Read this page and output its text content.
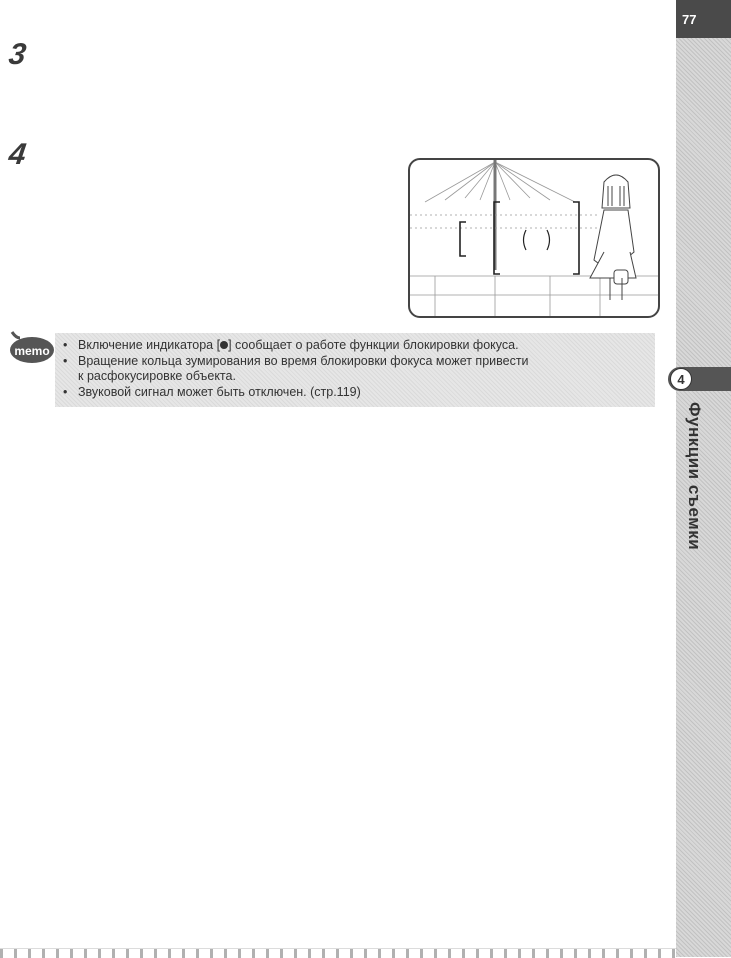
3
4
memo
•	Включение индикатора [ ] сообщает о работе функции блокировки фокуса.
• Вращение кольца зумирования во время блокировки фокуса может привести
к расфокусировке объекта.
• Звуковой сигнал может быть отключен. (стр.119)
77
4
Функции съемки
